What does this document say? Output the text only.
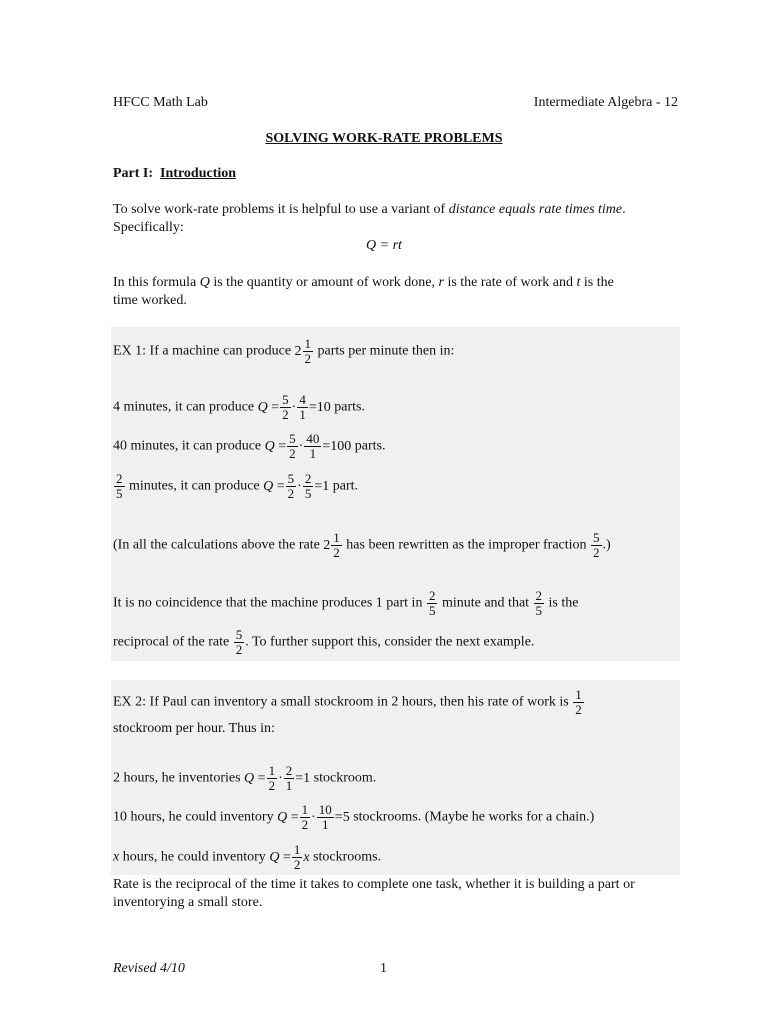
HFCC Math Lab	Intermediate Algebra - 12
SOLVING WORK-RATE PROBLEMS
Part I: Introduction
To solve work-rate problems it is helpful to use a variant of distance equals rate times time.
Specifically:
Q = rt
In this formula Q is the quantity or amount of work done, r is the rate of work and t is the
time worked.
EX 1: If a machine can produce $2 \frac{1}{2}$ parts per minute then in:
4 minutes, it can produce $Q = \frac{5}{2} \cdot \frac{4}{1} =10$ parts.
40 minutes, it can produce $Q = \frac{5}{2} \cdot \frac{40}{1} =100$ parts.
$\frac{2}{5}$ minutes, it can produce $Q = \frac{5}{2} \cdot \frac{2}{5} =1$ part.
(In all the calculations above the rate $2 \frac{1}{2}$ has been rewritten as the improper fraction $\frac{5}{2}$ .)
It is no coincidence that the machine produces 1 part in $\frac{2}{5}$ minute and that $\frac{2}{5}$ is the
reciprocal of the rate $\frac{5}{2}$ . To further support this, consider the next example.
EX 2: If Paul can inventory a small stockroom in 2 hours, then his rate of work is $\frac{1}{2}$
stockroom per hour. Thus in:
2 hours, he inventories $Q = \frac{1}{2} \cdot \frac{2}{1} =1$ stockroom.
10 hours, he could inventory $Q = \frac{1}{2} \cdot \frac{10}{1} =5$ stockrooms. (Maybe he works for a chain.)
x hours, he could inventory $Q = \frac{1}{2}$ x stockrooms.
Rate is the reciprocal of the time it takes to complete one task, whether it is building a part or
inventorying a small store.
Revised 4/10	1
